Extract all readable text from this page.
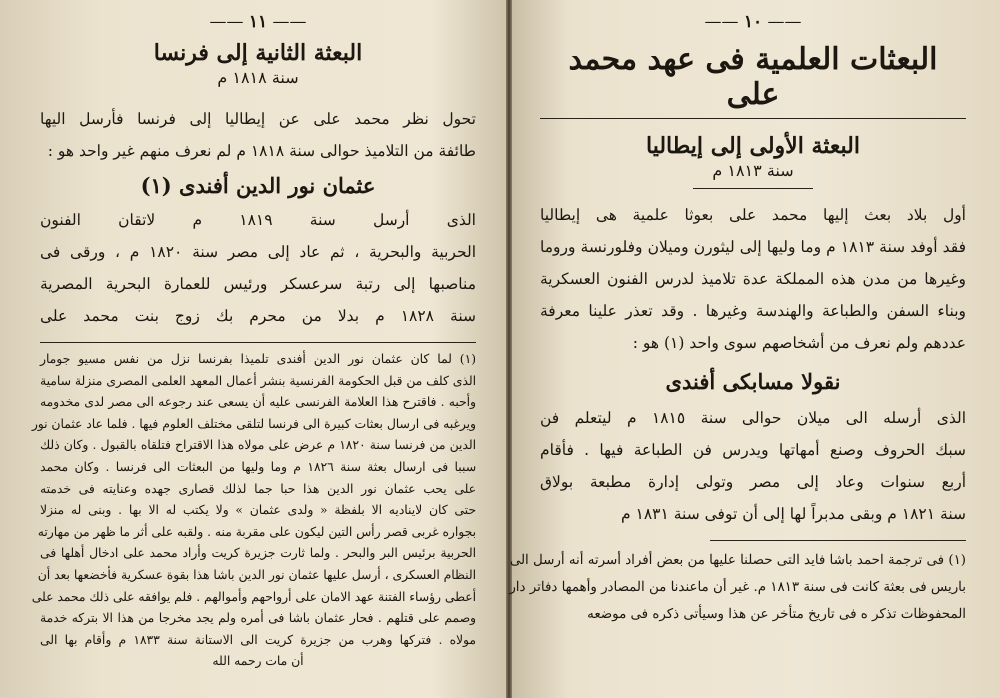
—— ١١ ——
البعثة الثانية إلى فرنسا
سنة ١٨١٨ م
تحول نظر محمد على عن إيطاليا إلى فرنسا فأرسل اليها
طائفة من التلاميذ حوالى سنة ١٨١٨ م لم نعرف منهم غير واحد هو :
عثمان نور الدين أفندى (١)
الذى أرسل سنة ١٨١٩ م لاتقان الفنون
الحربية والبحرية ، ثم عاد إلى مصر سنة ١٨٢٠ م ، ورقى فى
مناصبها إلى رتبة سرعسكر ورئيس للعمارة البحرية المصرية
سنة ١٨٢٨ م بدلا من محرم بك زوج بنت محمد على
(١) لما كان عثمان نور الدين أفندى تلميذا بفرنسا نزل من نفس مسيو جومار
الذى كلف من قبل الحكومة الفرنسية بنشر أعمال المعهد العلمى المصرى منزلة سامية
وأحبه . فاقترح هذا العلامة الفرنسى عليه أن يسعى عند رجوعه الى مصر لدى مخدومه
ويرغبه فى ارسال بعثات كبيرة الى فرنسا لتلقى مختلف العلوم فيها . فلما عاد عثمان نور
الدين من فرنسا سنة ١٨٢٠ م عرض على مولاه هذا الاقتراح فتلقاه بالقبول . وكان ذلك
سببا فى ارسال بعثة سنة ١٨٢٦ م وما وليها من البعثات الى فرنسا . وكان محمد
على يحب عثمان نور الدين هذا حبا جما لذلك قصارى جهده وعنايته فى خدمته
حتى كان لايناديه الا بلفظة « ولدى عثمان » ولا يكتب له الا بها . وبنى له منزلا
بجواره غربى قصر رأس التين ليكون على مقربة منه . ولقبه على أثر ما ظهر من مهارته
الحربية برئيس البر والبحر . ولما ثارت جزيرة كريت وأراد محمد على ادخال أهلها فى
النظام العسكرى ، أرسل عليها عثمان نور الدين باشا هذا بقوة عسكرية فأخضعها بعد أن
أعطى رؤساء الفتنة عهد الامان على أرواحهم وأموالهم . فلم يوافقه على ذلك محمد على
وصمم على قتلهم . فحار عثمان باشا فى أمره ولم يجد مخرجا من هذا الا بتركه خدمة
مولاه . فتركها وهرب من جزيرة كريت الى الاستانة سنة ١٨٣٣ م وأقام بها الى
أن مات رحمه الله
—— ١٠ ——
البعثات العلمية فى عهد محمد على
البعثة الأولى إلى إيطاليا
سنة ١٨١٣ م
أول بلاد بعث إليها محمد على بعوثا علمية هى إيطاليا
فقد أوفد سنة ١٨١٣ م وما وليها إلى ليثورن وميلان وفلورنسة وروما
وغيرها من مدن هذه المملكة عدة تلاميذ لدرس الفنون العسكرية
وبناء السفن والطباعة والهندسة وغيرها . وقد تعذر علينا معرفة
عددهم ولم نعرف من أشخاصهم سوى واحد (١) هو :
نقولا مسابكى أفندى
الذى أرسله الى ميلان حوالى سنة ١٨١٥ م ليتعلم فن
سبك الحروف وصنع أمهاتها ويدرس فن الطباعة فيها . فأقام
أربع سنوات وعاد إلى مصر وتولى إدارة مطبعة بولاق
سنة ١٨٢١ م وبقى مدبراً لها إلى أن توفى سنة ١٨٣١ م
(١) فى ترجمة احمد باشا فايد التى حصلنا عليها من بعض أفراد أسرته أنه أرسل الى
باريس فى بعثة كانت فى سنة ١٨١٣ م. غير أن ماعندنا من المصادر وأهمها دفاتر دار
المحفوظات تذكر ه فى تاريخ متأخر عن هذا وسيأتى ذكره فى موضعه
